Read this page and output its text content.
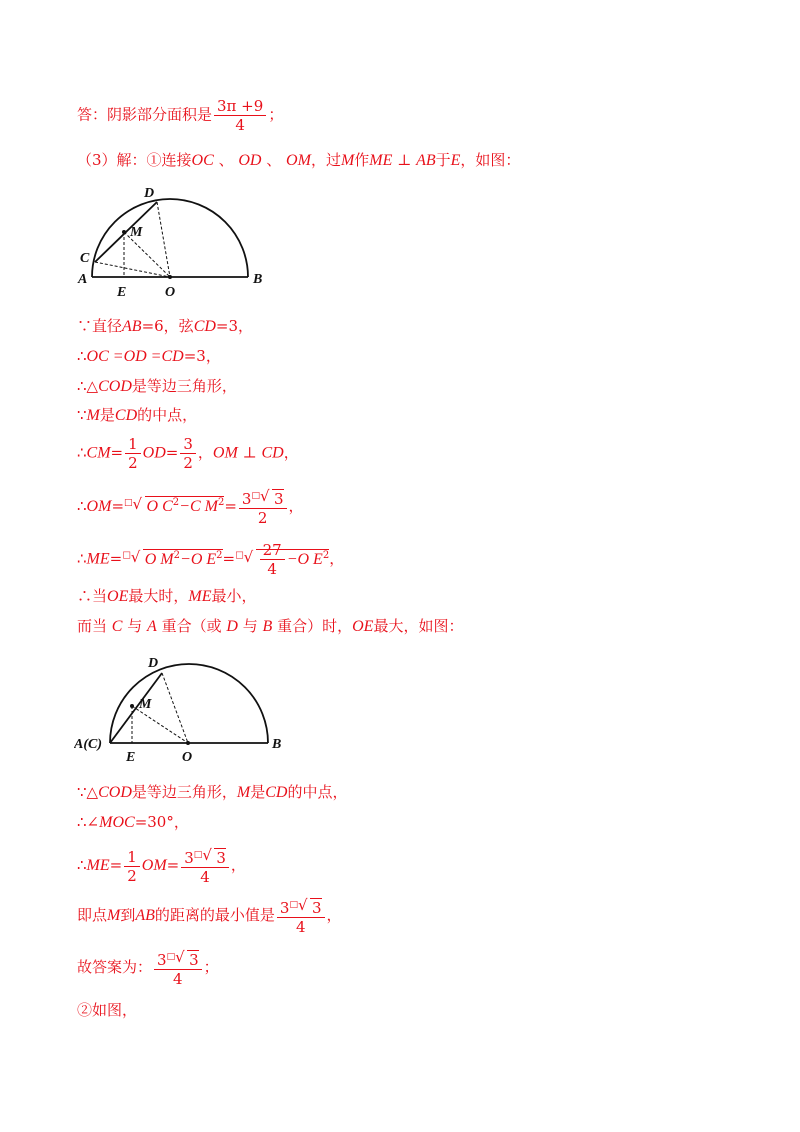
答：阴影部分面积是 $\frac{3\pi +9}{4}$ ；
（3）解：①连接OC 、 OD 、 OM，过M作ME ⊥ AB于E，如图：
D
M
C
A
E	O
B
∵直径AB=6，弦CD=3，
∴OC =OD =CD=3，
∴△COD是等边三角形，
∵M是CD的中点，
∴CM= $\frac{1}{2} OD= \frac{3}{2}$ ，OM ⊥ CD，
∴OM=□ √ O $C^2-C$ $M^2= \frac{3^□ √ 3}{2}$ ，
∴ME=□ √ O $M^2-O$ $E^2=^□$ √ $\frac{27}{4} -O$ $E^2$，
∴当OE最大时，ME最小，
而当 C 与 A 重合（或 D 与 B 重合）时，OE最大，如图：
D
M
A(C)
E	O
B
∵△COD是等边三角形，M是CD的中点，
∴∠MOC=30°，
∴ME= $\frac{1}{2} OM= \frac{3^□ √ 3}{4}$ ，
即点M到AB的距离的最小值是 $\frac{3^□ √ 3}{4}$ ，
故答案为： $\frac{3^□ √ 3}{4}$ ；
②如图，
